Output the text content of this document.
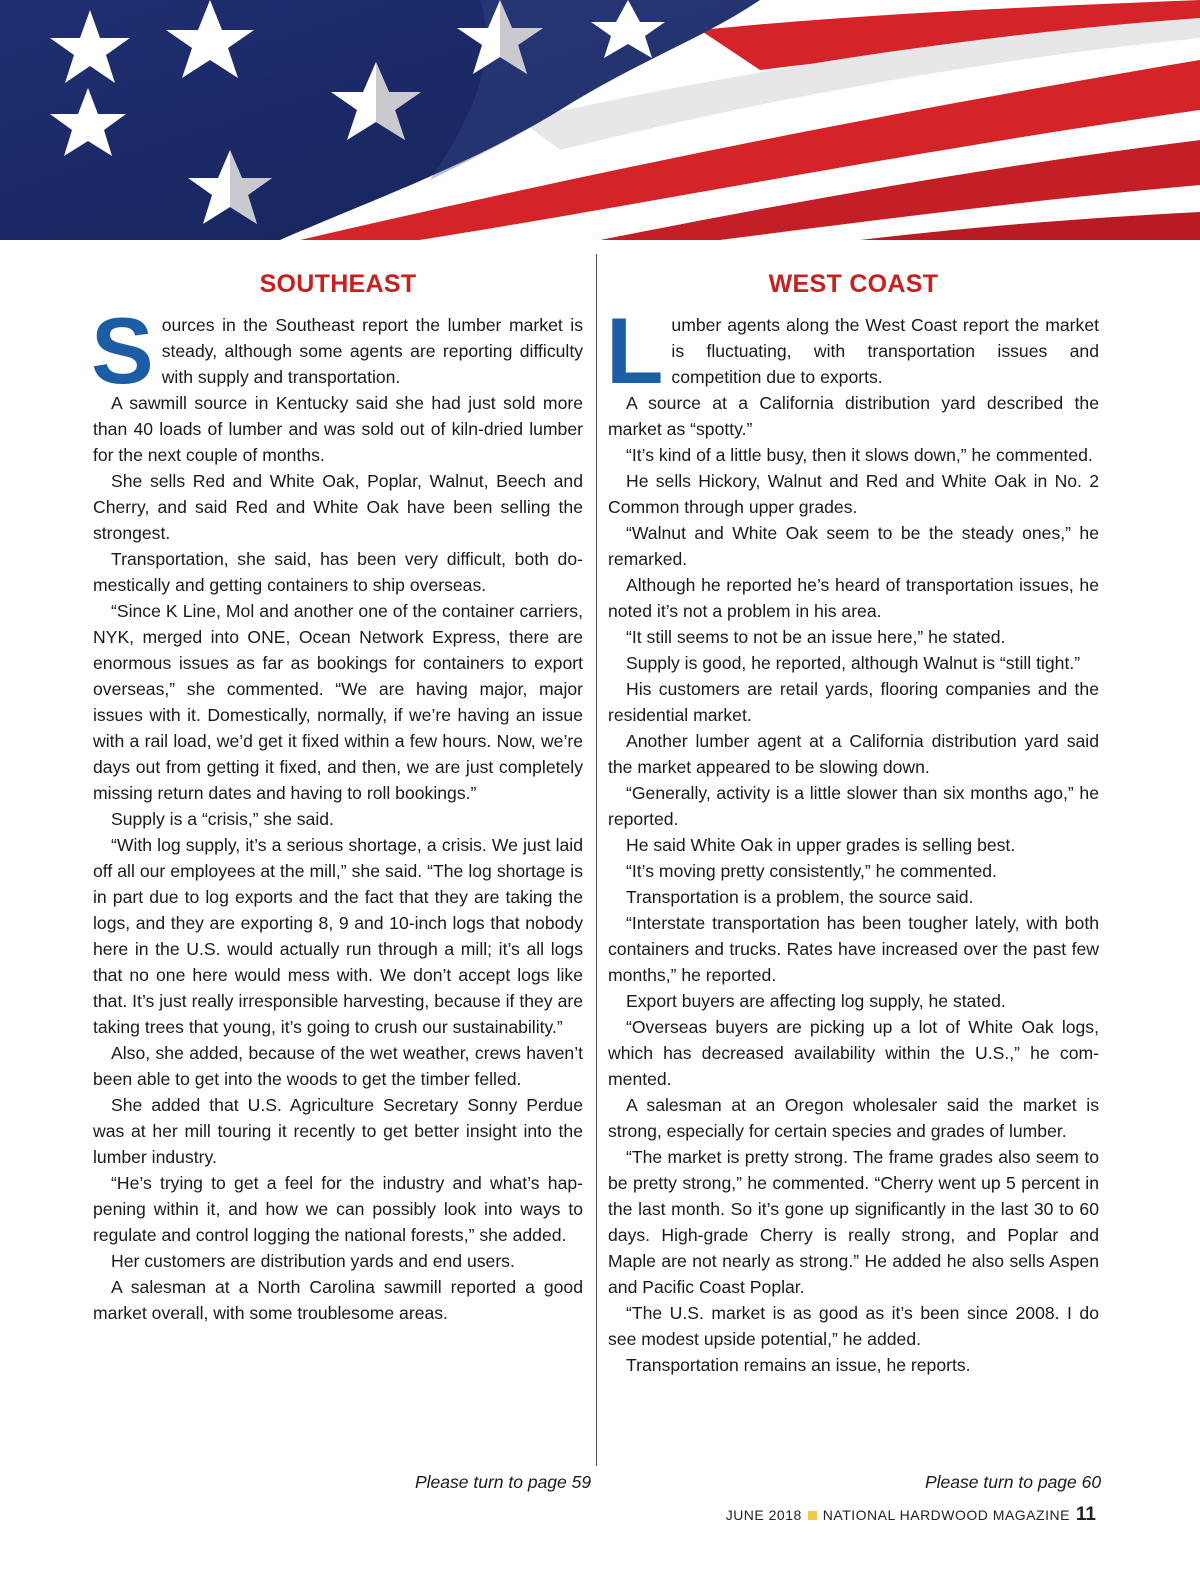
SOUTHEAST

Sources in the Southeast report the lumber market is steady, although some agents are reporting difficulty with supply and transportation.

A sawmill source in Kentucky said she had just sold more than 40 loads of lumber and was sold out of kiln-dried lumber for the next couple of months.

She sells Red and White Oak, Poplar, Walnut, Beech and Cherry, and said Red and White Oak have been selling the strongest.

Transportation, she said, has been very difficult, both domestically and getting containers to ship overseas.

“Since K Line, Mol and another one of the container carriers, NYK, merged into ONE, Ocean Network Express, there are enormous issues as far as bookings for containers to export overseas,” she commented. “We are having major, major issues with it. Domestically, normally, if we’re having an issue with a rail load, we’d get it fixed within a few hours. Now, we’re days out from getting it fixed, and then, we are just completely missing return dates and having to roll bookings.”

Supply is a “crisis,” she said.

“With log supply, it’s a serious shortage, a crisis. We just laid off all our employees at the mill,” she said. “The log shortage is in part due to log exports and the fact that they are taking the logs, and they are exporting 8, 9 and 10-inch logs that nobody here in the U.S. would actually run through a mill; it’s all logs that no one here would mess with. We don’t accept logs like that. It’s just really irresponsible harvesting, because if they are taking trees that young, it’s going to crush our sustainability.”

Also, she added, because of the wet weather, crews haven’t been able to get into the woods to get the timber felled.

She added that U.S. Agriculture Secretary Sonny Perdue was at her mill touring it recently to get better insight into the lumber industry.

“He’s trying to get a feel for the industry and what’s happening within it, and how we can possibly look into ways to regulate and control logging the national forests,” she added.

Her customers are distribution yards and end users.

A salesman at a North Carolina sawmill reported a good market overall, with some troublesome areas.

WEST COAST

Lumber agents along the West Coast report the market is fluctuating, with transportation issues and competition due to exports.

A source at a California distribution yard described the market as “spotty.”

“It’s kind of a little busy, then it slows down,” he commented.

He sells Hickory, Walnut and Red and White Oak in No. 2 Common through upper grades.

“Walnut and White Oak seem to be the steady ones,” he remarked.

Although he reported he’s heard of transportation issues, he noted it’s not a problem in his area.

“It still seems to not be an issue here,” he stated.

Supply is good, he reported, although Walnut is “still tight.”

His customers are retail yards, flooring companies and the residential market.

Another lumber agent at a California distribution yard said the market appeared to be slowing down.

“Generally, activity is a little slower than six months ago,” he reported.

He said White Oak in upper grades is selling best.

“It’s moving pretty consistently,” he commented.

Transportation is a problem, the source said.

“Interstate transportation has been tougher lately, with both containers and trucks. Rates have increased over the past few months,” he reported.

Export buyers are affecting log supply, he stated.

“Overseas buyers are picking up a lot of White Oak logs, which has decreased availability within the U.S.,” he commented.

A salesman at an Oregon wholesaler said the market is strong, especially for certain species and grades of lumber.

“The market is pretty strong. The frame grades also seem to be pretty strong,” he commented. “Cherry went up 5 percent in the last month. So it’s gone up significantly in the last 30 to 60 days. High-grade Cherry is really strong, and Poplar and Maple are not nearly as strong.” He added he also sells Aspen and Pacific Coast Poplar.

“The U.S. market is as good as it’s been since 2008. I do see modest upside potential,” he added.

Transportation remains an issue, he reports.

Please turn to page 59	Please turn to page 60
JUNE 2018 NATIONAL HARDWOOD MAGAZINE 11
